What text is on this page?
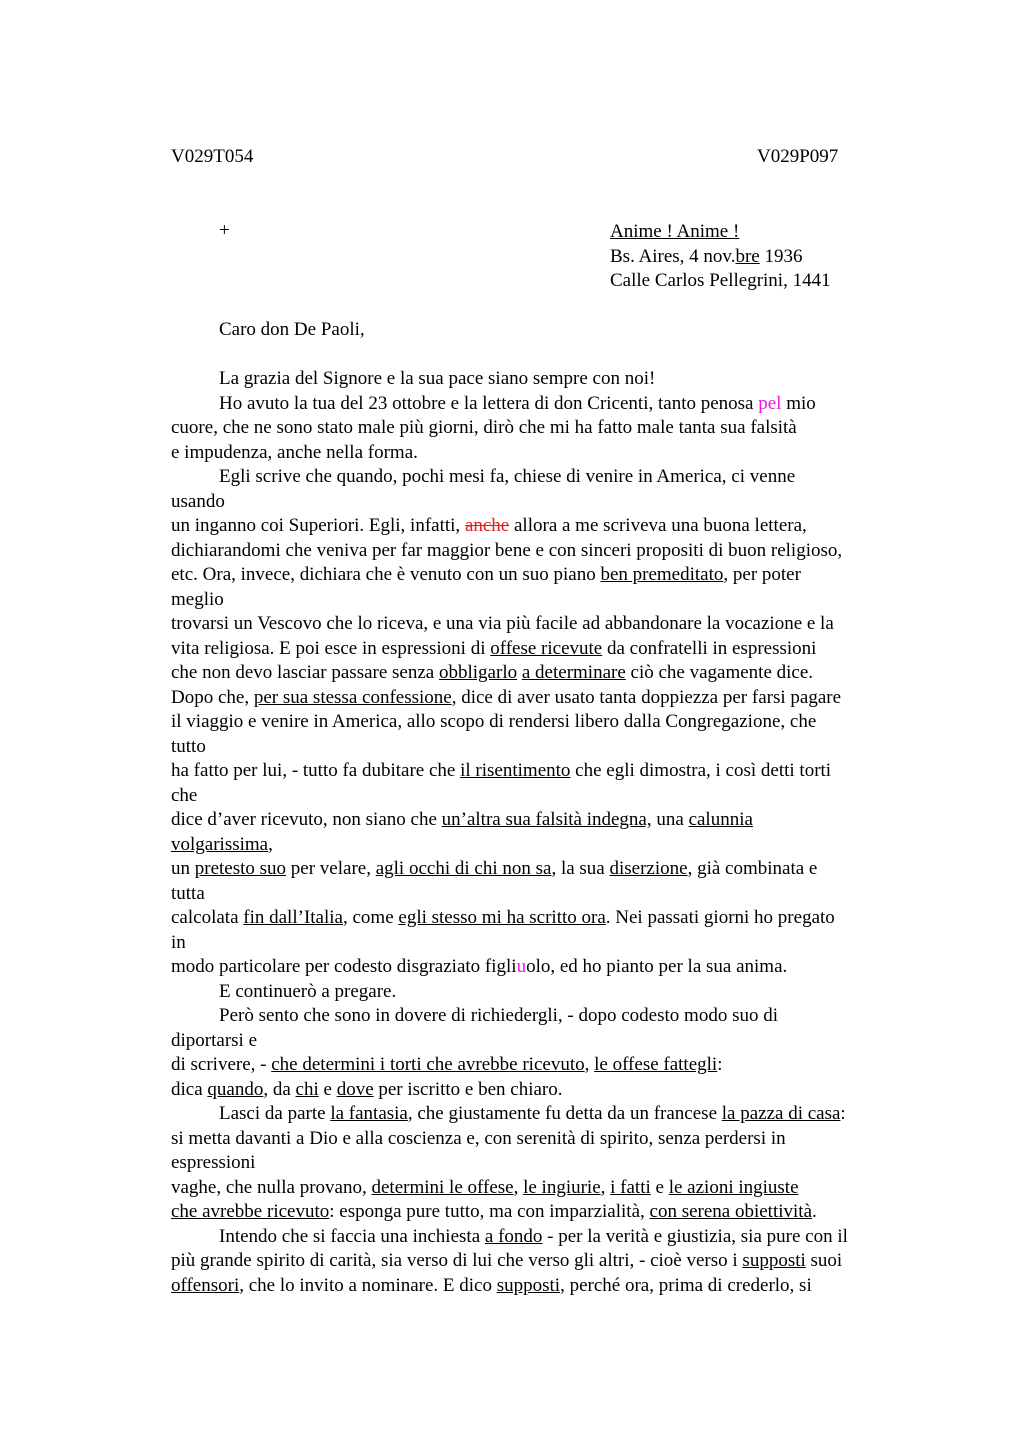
V029T054	V029P097
+	Anime ! Anime !
Bs. Aires, 4 nov.bre 1936
Calle Carlos Pellegrini, 1441

Caro don De Paoli,

La grazia del Signore e la sua pace siano sempre con noi!

Ho avuto la tua del 23 ottobre e la lettera di don Cricenti, tanto penosa pel mio

cuore, che ne sono stato male più giorni, dirò che mi ha fatto male tanta sua falsità

e impudenza, anche nella forma.

Egli scrive che quando, pochi mesi fa, chiese di venire in America, ci venne

usando

un inganno coi Superiori. Egli, infatti, anche allora a me scriveva una buona lettera,

dichiarandomi che veniva per far maggior bene e con sinceri propositi di buon religioso,

etc. Ora, invece, dichiara che è venuto con un suo piano ben premeditato, per poter

meglio

trovarsi un Vescovo che lo riceva, e una via più facile ad abbandonare la vocazione e la

vita religiosa. E poi esce in espressioni di offese ricevute da confratelli in espressioni

che non devo lasciar passare senza obbligarlo a determinare ciò che vagamente dice.

Dopo che, per sua stessa confessione, dice di aver usato tanta doppiezza per farsi pagare

il viaggio e venire in America, allo scopo di rendersi libero dalla Congregazione, che

tutto

ha fatto per lui, - tutto fa dubitare che il risentimento che egli dimostra, i così detti torti

che

dice d’aver ricevuto, non siano che un’altra sua falsità indegna, una calunnia

volgarissima,

un pretesto suo per velare, agli occhi di chi non sa, la sua diserzione, già combinata e

tutta

calcolata fin dall’Italia, come egli stesso mi ha scritto ora. Nei passati giorni ho pregato

in

modo particolare per codesto disgraziato figliuolo, ed ho pianto per la sua anima.

E continuerò a pregare.

Però sento che sono in dovere di richiedergli, - dopo codesto modo suo di

diportarsi e

di scrivere, - che determini i torti che avrebbe ricevuto, le offese fattegli:

dica quando, da chi e dove per iscritto e ben chiaro.

Lasci da parte la fantasia, che giustamente fu detta da un francese la pazza di casa:

si metta davanti a Dio e alla coscienza e, con serenità di spirito, senza perdersi in

espressioni

vaghe, che nulla provano, determini le offese, le ingiurie, i fatti e le azioni ingiuste

che avrebbe ricevuto: esponga pure tutto, ma con imparzialità, con serena obiettività.

Intendo che si faccia una inchiesta a fondo - per la verità e giustizia, sia pure con il

più grande spirito di carità, sia verso di lui che verso gli altri, - cioè verso i supposti suoi

offensori, che lo invito a nominare. E dico supposti, perché ora, prima di crederlo, si
